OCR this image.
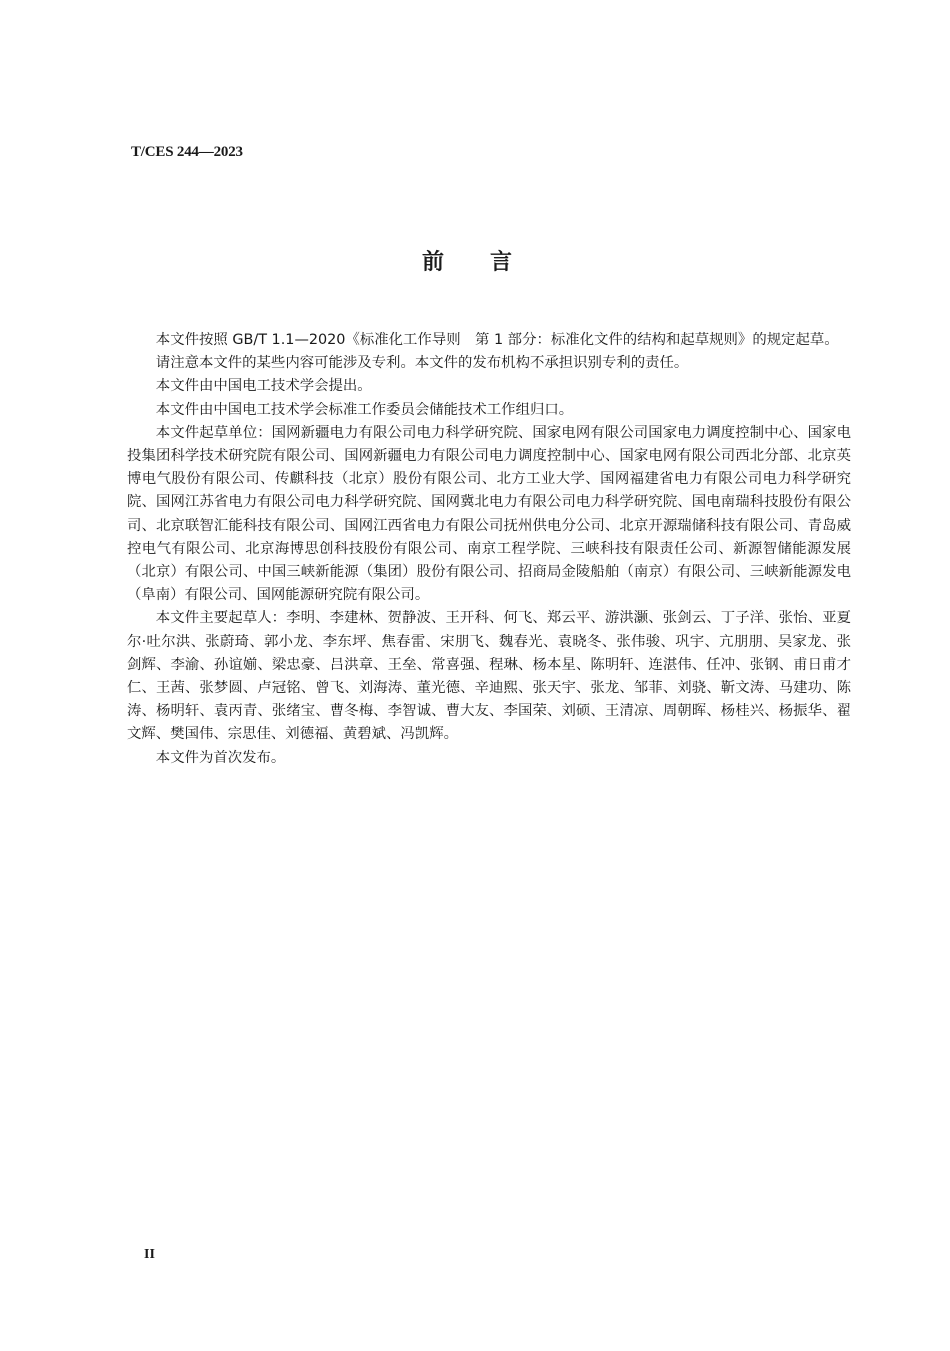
T/CES 244—2023
前言

本文件按照 GB/T 1.1—2020《标准化工作导则　第 1 部分：标准化文件的结构和起草规则》的规定起草。

请注意本文件的某些内容可能涉及专利。本文件的发布机构不承担识别专利的责任。

本文件由中国电工技术学会提出。

本文件由中国电工技术学会标准工作委员会储能技术工作组归口。

本文件起草单位：国网新疆电力有限公司电力科学研究院、国家电网有限公司国家电力调度控制中心、国家电投集团科学技术研究院有限公司、国网新疆电力有限公司电力调度控制中心、国家电网有限公司西北分部、北京英博电气股份有限公司、传麒科技（北京）股份有限公司、北方工业大学、国网福建省电力有限公司电力科学研究院、国网江苏省电力有限公司电力科学研究院、国网冀北电力有限公司电力科学研究院、国电南瑞科技股份有限公司、北京联智汇能科技有限公司、国网江西省电力有限公司抚州供电分公司、北京开源瑞储科技有限公司、青岛威控电气有限公司、北京海博思创科技股份有限公司、南京工程学院、三峡科技有限责任公司、新源智储能源发展（北京）有限公司、中国三峡新能源（集团）股份有限公司、招商局金陵船舶（南京）有限公司、三峡新能源发电（阜南）有限公司、国网能源研究院有限公司。

本文件主要起草人：李明、李建林、贺静波、王开科、何飞、郑云平、游洪灏、张剑云、丁子洋、张怡、亚夏尔·吐尔洪、张蔚琦、郭小龙、李东坪、焦春雷、宋朋飞、魏春光、袁晓冬、张伟骏、巩宇、亢朋朋、吴家龙、张剑辉、李渝、孙谊媊、梁忠豪、吕洪章、王垒、常喜强、程琳、杨本星、陈明轩、连湛伟、任冲、张钢、甫日甫才仁、王茜、张梦圆、卢冠铭、曾飞、刘海涛、董光德、辛迪熙、张天宇、张龙、邹菲、刘骁、靳文涛、马建功、陈涛、杨明轩、袁丙青、张绪宝、曹冬梅、李智诚、曹大友、李国荣、刘硕、王清凉、周朝晖、杨桂兴、杨振华、翟文辉、樊国伟、宗思佳、刘德福、黄碧斌、冯凯辉。

本文件为首次发布。

II
